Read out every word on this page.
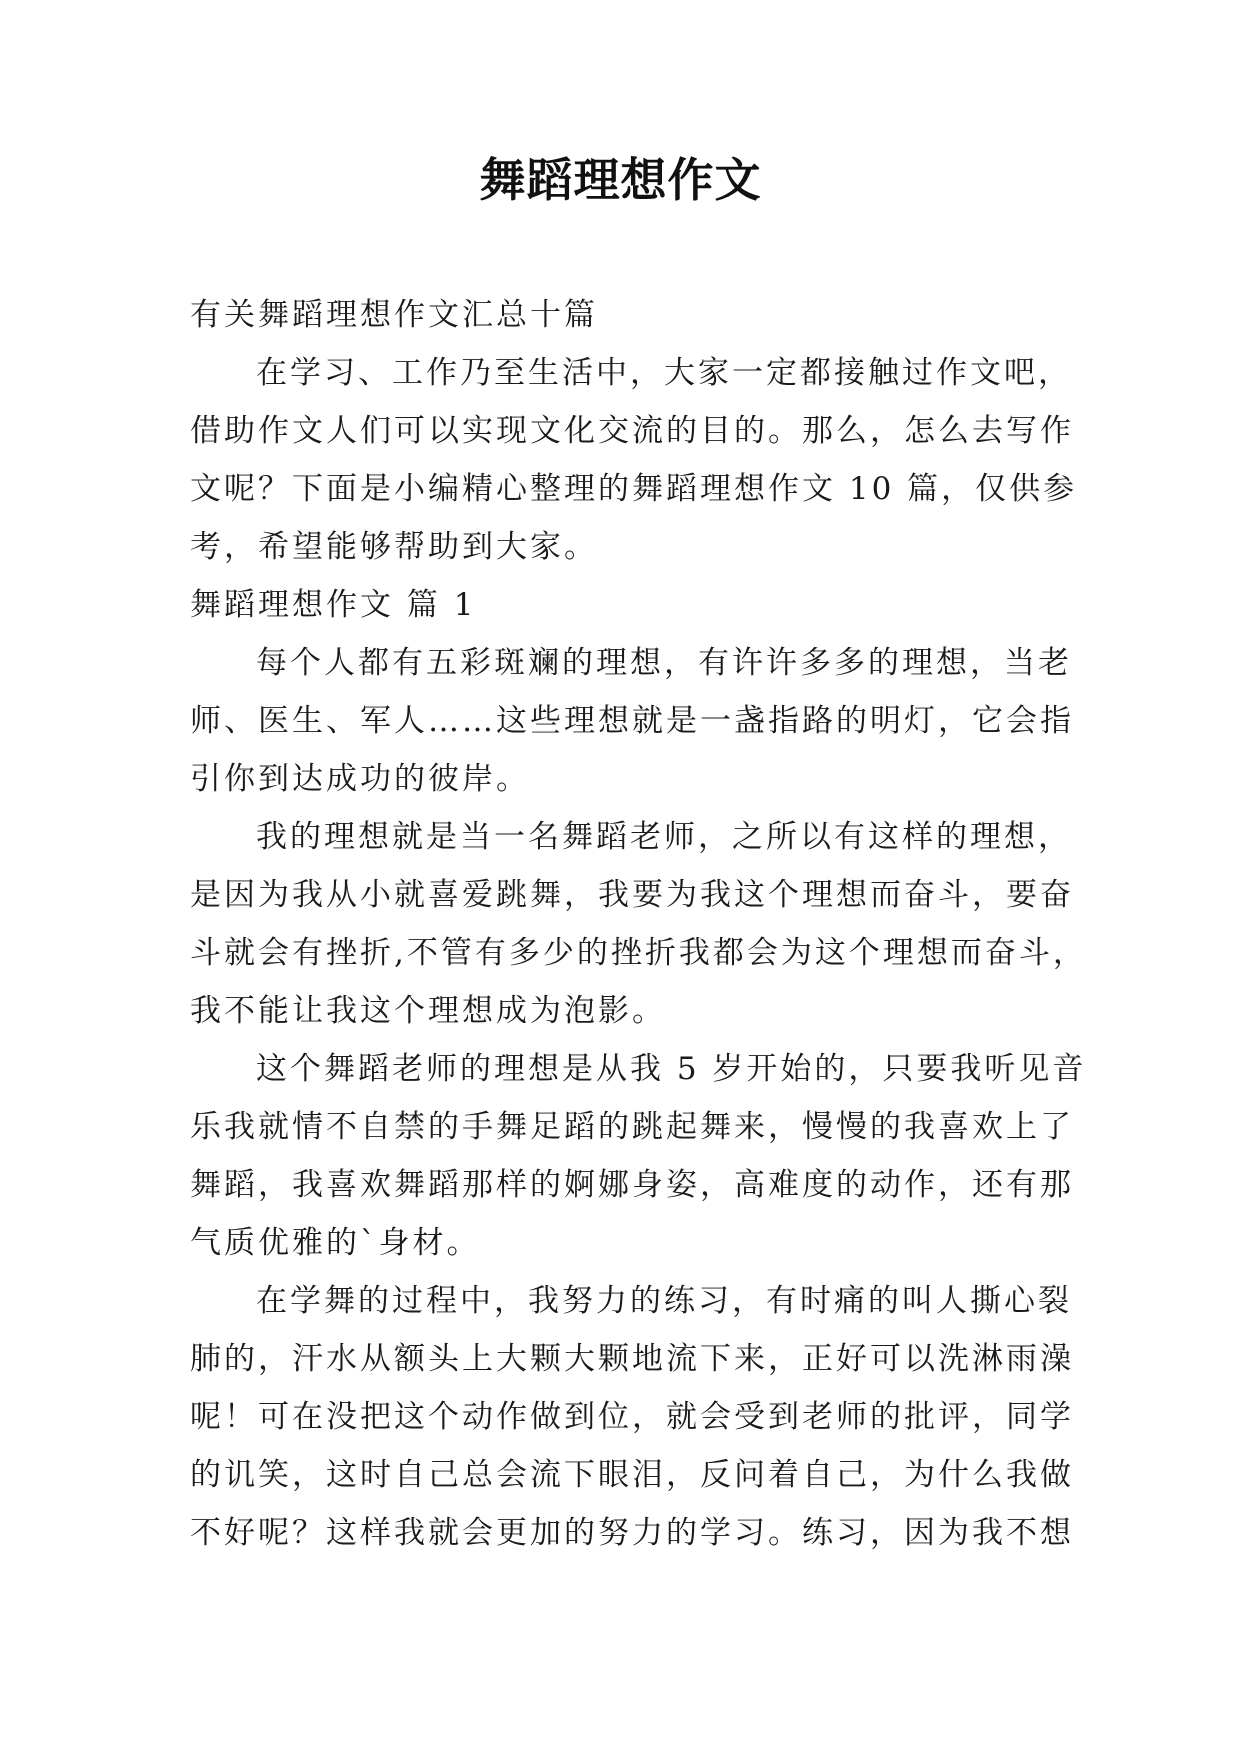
舞蹈理想作文
有关舞蹈理想作文汇总十篇
在学习、工作乃至生活中，大家一定都接触过作文吧，
借助作文人们可以实现文化交流的目的。那么，怎么去写作
文呢？下面是小编精心整理的舞蹈理想作文 10 篇，仅供参
考，希望能够帮助到大家。
舞蹈理想作文 篇 1
每个人都有五彩斑斓的理想，有许许多多的理想，当老
师、医生、军人……这些理想就是一盏指路的明灯，它会指
引你到达成功的彼岸。
我的理想就是当一名舞蹈老师，之所以有这样的理想，
是因为我从小就喜爱跳舞，我要为我这个理想而奋斗，要奋
斗就会有挫折,不管有多少的挫折我都会为这个理想而奋斗，
我不能让我这个理想成为泡影。
这个舞蹈老师的理想是从我 5 岁开始的，只要我听见音
乐我就情不自禁的手舞足蹈的跳起舞来，慢慢的我喜欢上了
舞蹈，我喜欢舞蹈那样的婀娜身姿，高难度的动作，还有那
气质优雅的`身材。
在学舞的过程中，我努力的练习，有时痛的叫人撕心裂
肺的，汗水从额头上大颗大颗地流下来，正好可以洗淋雨澡
呢！可在没把这个动作做到位，就会受到老师的批评，同学
的讥笑，这时自己总会流下眼泪，反问着自己，为什么我做
不好呢？这样我就会更加的努力的学习。练习，因为我不想
